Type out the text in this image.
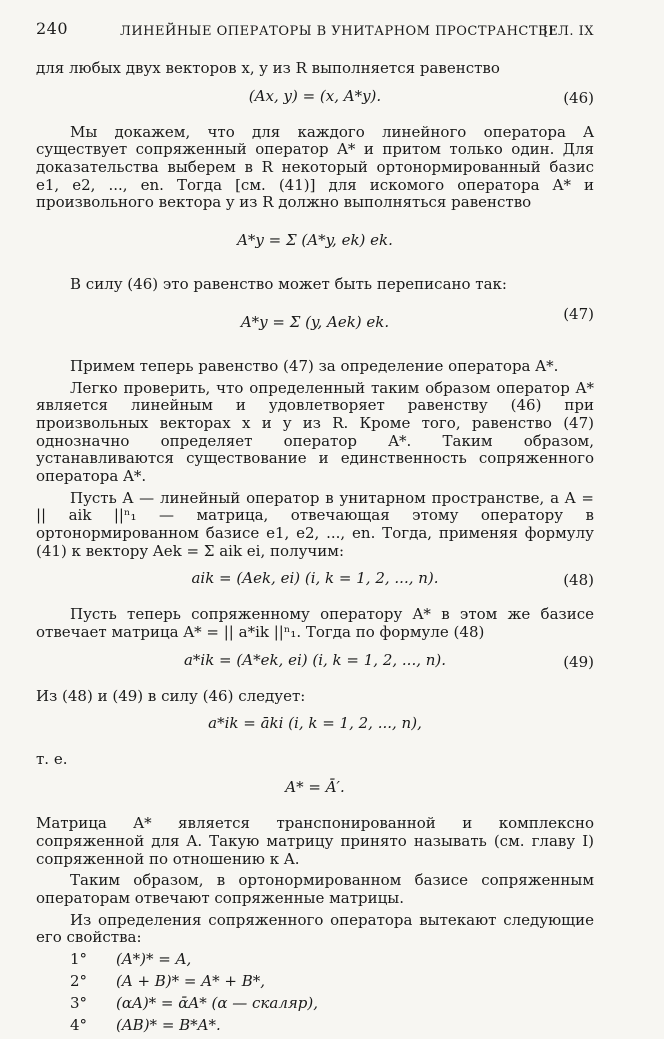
240	ЛИНЕЙНЫЕ ОПЕРАТОРЫ В УНИТАРНОМ ПРОСТРАНСТВЕ
[ГЛ. IX

для любых двух векторов x, y из R выполняется равенство

(Ax, y) = (x, A*y).	(46)

Мы докажем, что для каждого линейного оператора A существует сопряженный оператор A* и притом только один. Для доказательства выберем в R некоторый ортонормированный базис e1, e2, ..., en. Тогда [см. (41)] для искомого оператора A* и произвольного вектора y из R должно выполняться равенство

A*y = Σ (A*y, ek) ek.

В силу (46) это равенство может быть переписано так:

A*y = Σ (y, Aek) ek.	(47)

Примем теперь равенство (47) за определение оператора A*.

Легко проверить, что определенный таким образом оператор A* является линейным и удовлетворяет равенству (46) при произвольных векторах x и y из R. Кроме того, равенство (47) однозначно определяет оператор A*. Таким образом, устанавливаются существование и единственность сопряженного оператора A*.

Пусть A — линейный оператор в унитарном пространстве, а A = || aik ||ⁿ₁ — матрица, отвечающая этому оператору в ортонормированном базисе e1, e2, ..., en. Тогда, применяя формулу (41) к вектору Aek = Σ aik ei, получим:

aik = (Aek, ei) (i, k = 1, 2, ..., n).	(48)

Пусть теперь сопряженному оператору A* в этом же базисе отвечает матрица A* = || a*ik ||ⁿ₁. Тогда по формуле (48)

a*ik = (A*ek, ei) (i, k = 1, 2, ..., n).	(49)

Из (48) и (49) в силу (46) следует:

a*ik = āki (i, k = 1, 2, ..., n),

т. е.

A* = Ā′.

Матрица A* является транспонированной и комплексно сопряженной для A. Такую матрицу принято называть (см. главу I) сопряженной по отношению к A.

Таким образом, в ортонормированном базисе сопряженным операторам отвечают сопряженные матрицы.

Из определения сопряженного оператора вытекают следующие его свойства:

1° (A*)* = A,
2° (A + B)* = A* + B*,
3° (αA)* = ᾱA* (α — скаляр),
4° (AB)* = B*A*.
